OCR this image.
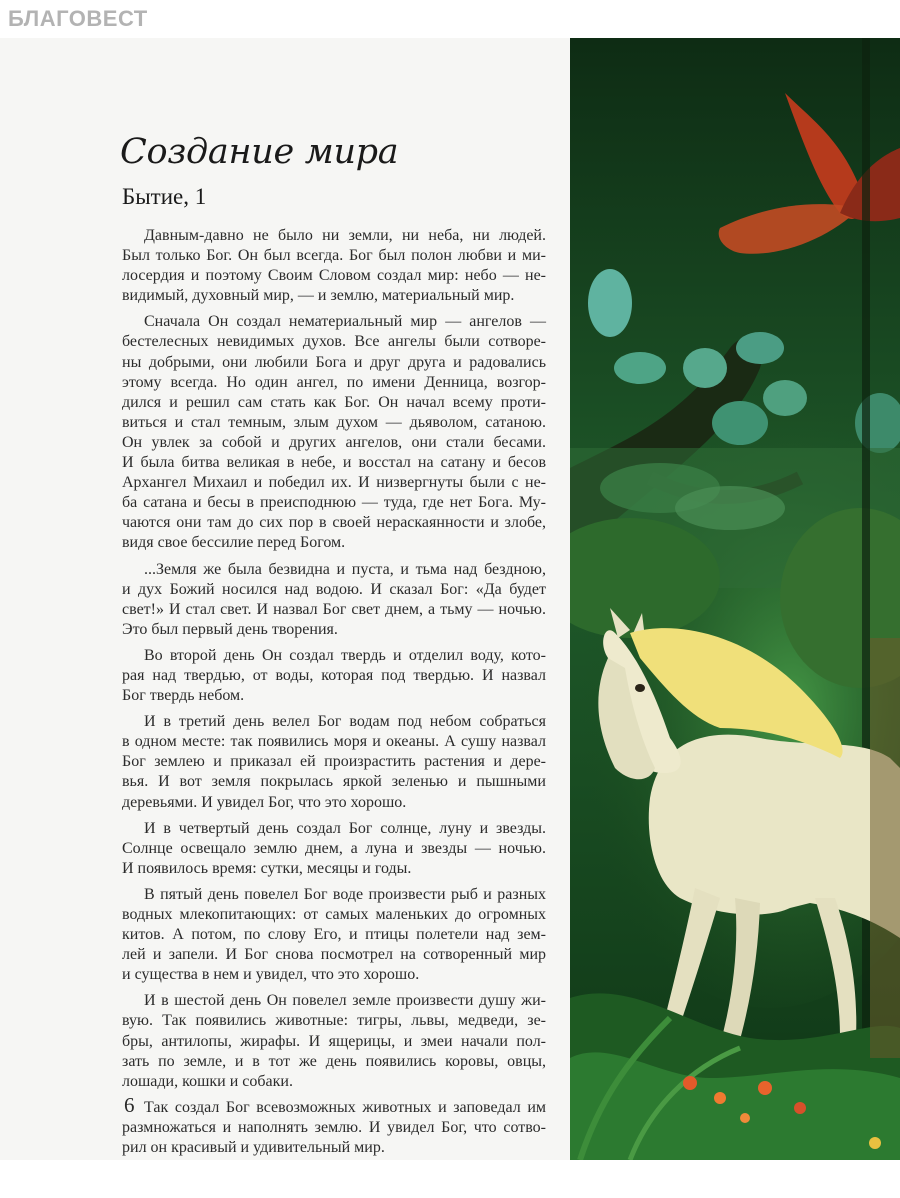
БЛАГОВЕСТ
Создание мира
Бытие, 1
Давным-давно не было ни земли, ни неба, ни людей.
Был только Бог. Он был всегда. Бог был полон любви и ми-
лосердия и поэтому Своим Словом создал мир: небо — не-
видимый, духовный мир, — и землю, материальный мир.
Сначала Он создал нематериальный мир — ангелов —
бестелесных невидимых духов. Все ангелы были сотворе-
ны добрыми, они любили Бога и друг друга и радовались
этому всегда. Но один ангел, по имени Денница, возгор-
дился и решил сам стать как Бог. Он начал всему проти-
виться и стал темным, злым духом — дьяволом, сатаною.
Он увлек за собой и других ангелов, они стали бесами.
И была битва великая в небе, и восстал на сатану и бесов
Архангел Михаил и победил их. И низвергнуты были с не-
ба сатана и бесы в преисподнюю — туда, где нет Бога. Му-
чаются они там до сих пор в своей нераскаянности и злобе,
видя свое бессилие перед Богом.
...Земля же была безвидна и пуста, и тьма над бездною,
и дух Божий носился над водою. И сказал Бог: «Да будет
свет!» И стал свет. И назвал Бог свет днем, а тьму — ночью.
Это был первый день творения.
Во второй день Он создал твердь и отделил воду, кото-
рая над твердью, от воды, которая под твердью. И назвал
Бог твердь небом.
И в третий день велел Бог водам под небом собраться
в одном месте: так появились моря и океаны. А сушу назвал
Бог землею и приказал ей произрастить растения и дере-
вья. И вот земля покрылась яркой зеленью и пышными
деревьями. И увидел Бог, что это хорошо.
И в четвертый день создал Бог солнце, луну и звезды.
Солнце освещало землю днем, а луна и звезды — ночью.
И появилось время: сутки, месяцы и годы.
В пятый день повелел Бог воде произвести рыб и разных
водных млекопитающих: от самых маленьких до огромных
китов. А потом, по слову Его, и птицы полетели над зем-
лей и запели. И Бог снова посмотрел на сотворенный мир
и существа в нем и увидел, что это хорошо.
И в шестой день Он повелел земле произвести душу жи-
вую. Так появились животные: тигры, львы, медведи, зе-
бры, антилопы, жирафы. И ящерицы, и змеи начали пол-
зать по земле, и в тот же день появились коровы, овцы,
лошади, кошки и собаки.
Так создал Бог всевозможных животных и заповедал им
размножаться и наполнять землю. И увидел Бог, что сотво-
рил он красивый и удивительный мир.
6
